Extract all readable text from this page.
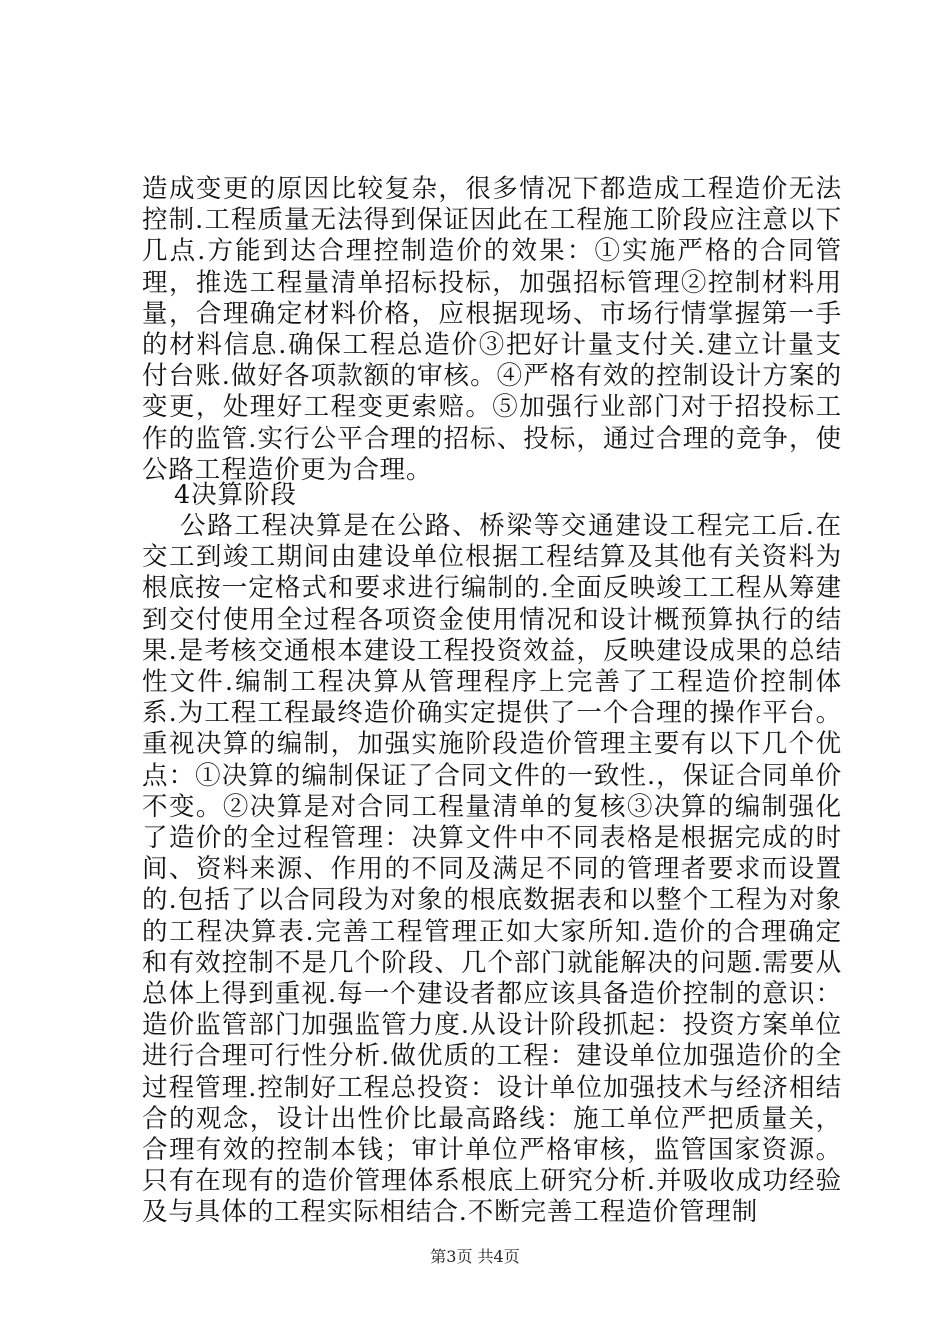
造成变更的原因比较复杂，很多情况下都造成工程造价无法控制.工程质量无法得到保证因此在工程施工阶段应注意以下几点.方能到达合理控制造价的效果：①实施严格的合同管理，推选工程量清单招标投标，加强招标管理②控制材料用量，合理确定材料价格，应根据现场、市场行情掌握第一手的材料信息.确保工程总造价③把好计量支付关.建立计量支付台账.做好各项款额的审核。④严格有效的控制设计方案的变更，处理好工程变更索赔。⑤加强行业部门对于招投标工作的监管.实行公平合理的招标、投标，通过合理的竞争，使公路工程造价更为合理。

4决算阶段

公路工程决算是在公路、桥梁等交通建设工程完工后.在交工到竣工期间由建设单位根据工程结算及其他有关资料为根底按一定格式和要求进行编制的.全面反映竣工工程从筹建到交付使用全过程各项资金使用情况和设计概预算执行的结果.是考核交通根本建设工程投资效益，反映建设成果的总结性文件.编制工程决算从管理程序上完善了工程造价控制体系.为工程工程最终造价确实定提供了一个合理的操作平台。重视决算的编制，加强实施阶段造价管理主要有以下几个优点：①决算的编制保证了合同文件的一致性.，保证合同单价不变。②决算是对合同工程量清单的复核③决算的编制强化了造价的全过程管理：决算文件中不同表格是根据完成的时间、资料来源、作用的不同及满足不同的管理者要求而设置的.包括了以合同段为对象的根底数据表和以整个工程为对象的工程决算表.完善工程管理正如大家所知.造价的合理确定和有效控制不是几个阶段、几个部门就能解决的问题.需要从总体上得到重视.每一个建设者都应该具备造价控制的意识：造价监管部门加强监管力度.从设计阶段抓起：投资方案单位进行合理可行性分析.做优质的工程：建设单位加强造价的全过程管理.控制好工程总投资：设计单位加强技术与经济相结合的观念，设计出性价比最高路线：施工单位严把质量关，合理有效的控制本钱；审计单位严格审核，监管国家资源。只有在现有的造价管理体系根底上研究分析.并吸收成功经验及与具体的工程实际相结合.不断完善工程造价管理制

第3页 共4页
